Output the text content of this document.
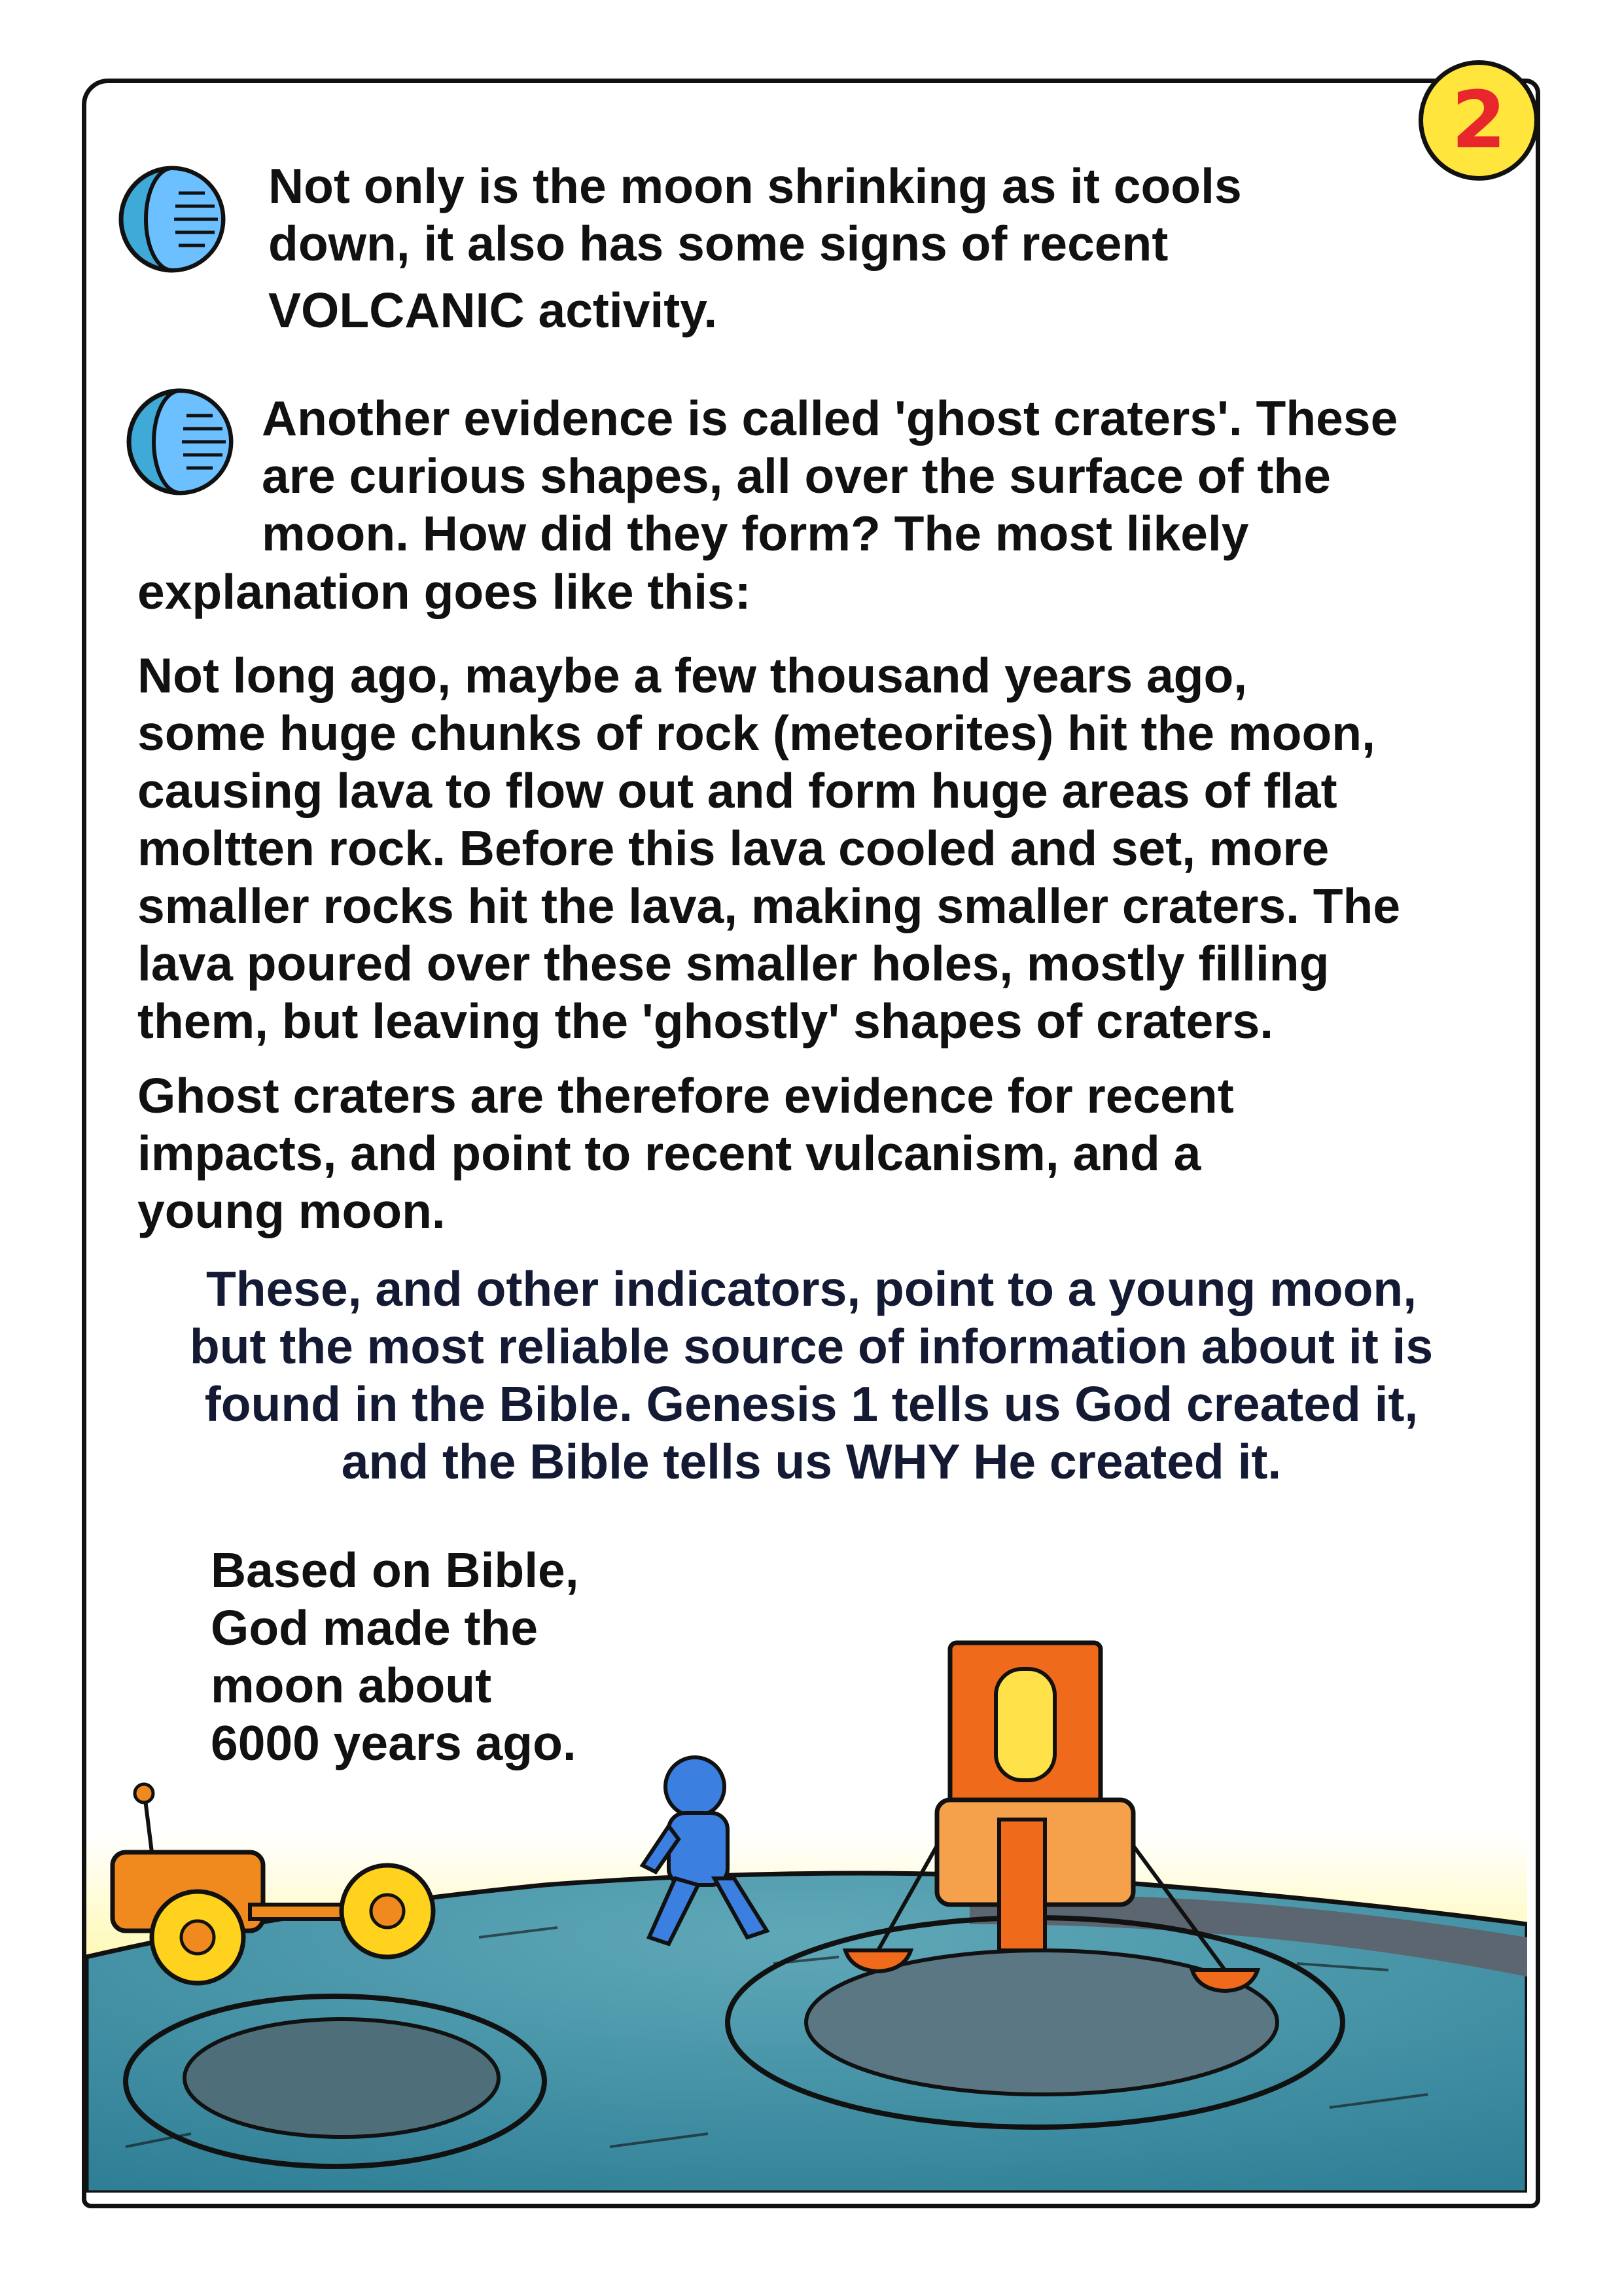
2
Not only is the moon shrinking as it cools
down, it also has some signs of recent
VOLCANIC activity.
Another evidence is called 'ghost craters'. These
are curious shapes, all over the surface of the
moon. How did they form? The most likely
explanation goes like this:
Not long ago, maybe a few thousand years ago,
some huge chunks of rock (meteorites) hit the moon,
causing lava to flow out and form huge areas of flat
moltten rock. Before this lava cooled and set, more
smaller rocks hit the lava, making smaller craters. The
lava poured over these smaller holes, mostly filling
them, but leaving the 'ghostly' shapes of craters.
Ghost craters are therefore evidence for recent
impacts, and point to recent vulcanism, and a
young moon.
These, and other indicators, point to a young moon,
but the most reliable source of information about it is
found in the Bible. Genesis 1 tells us God created it,
and the Bible tells us WHY He created it.
Based on Bible,
God made the
moon about
6000 years ago.
